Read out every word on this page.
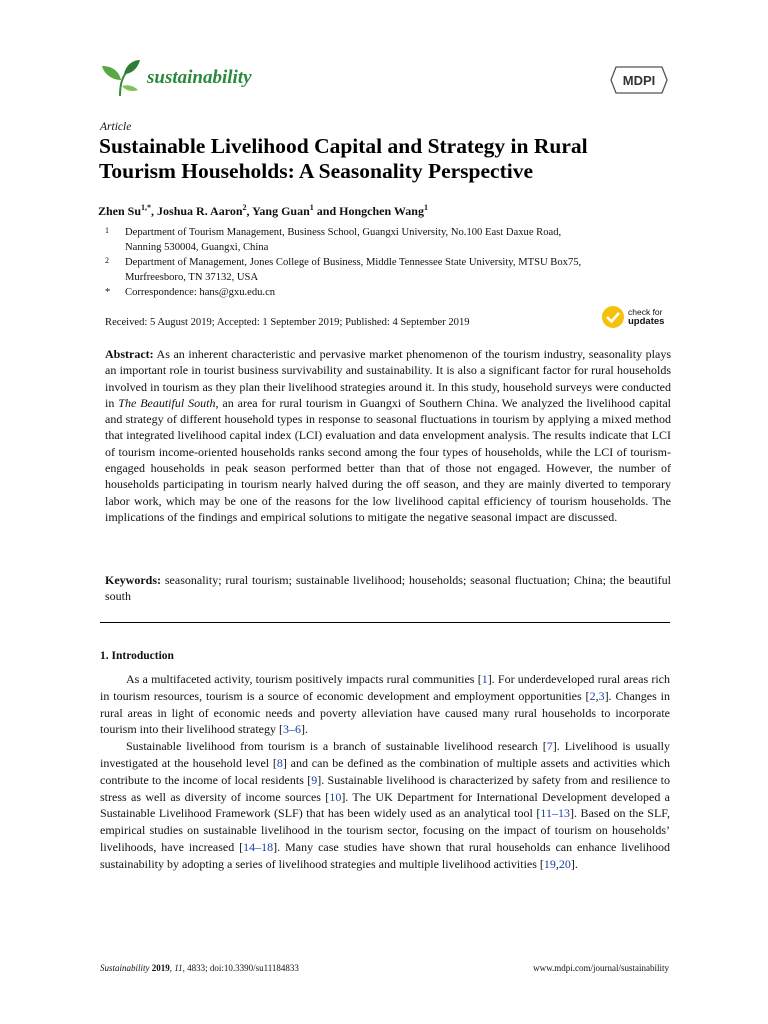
sustainability	MDPI
Article
Sustainable Livelihood Capital and Strategy in Rural
Tourism Households: A Seasonality Perspective
Zhen $Su^{1,*}$, Joshua R. Aaron$^2$, Yang Guan$^1$ and Hongchen Wang$^1$
1 Department of Tourism Management, Business School, Guangxi University, No.100 East Daxue Road,
Nanning 530004, Guangxi, China
2 Department of Management, Jones College of Business, Middle Tennessee State University, MTSU Box75,
Murfreesboro, TN 37132, USA
* Correspondence: hans@gxu.edu.cn
Received: 5 August 2019; Accepted: 1 September 2019; Published: 4 September 2019
check for
updates
Abstract: As an inherent characteristic and pervasive market phenomenon of the tourism industry, seasonality plays an important role in tourist business survivability and sustainability. It is also a significant factor for rural households involved in tourism as they plan their livelihood strategies around it. In this study, household surveys were conducted in The Beautiful South, an area for rural tourism in Guangxi of Southern China. We analyzed the livelihood capital and strategy of different household types in response to seasonal fluctuations in tourism by applying a mixed method that integrated livelihood capital index (LCI) evaluation and data envelopment analysis. The results indicate that LCI of tourism income-oriented households ranks second among the four types of households, while the LCI of tourism-engaged households in peak season performed better than that of those not engaged. However, the number of households participating in tourism nearly halved during the off season, and they are mainly diverted to temporary labor work, which may be one of the reasons for the low livelihood capital efficiency of tourism households. The implications of the findings and empirical solutions to mitigate the negative seasonal impact are discussed.
Keywords: seasonality; rural tourism; sustainable livelihood; households; seasonal fluctuation; China; the beautiful south
1. Introduction

As a multifaceted activity, tourism positively impacts rural communities [1]. For underdeveloped rural areas rich in tourism resources, tourism is a source of economic development and employment opportunities [2,3]. Changes in rural areas in light of economic needs and poverty alleviation have caused many rural households to incorporate tourism into their livelihood strategy [3–6].

Sustainable livelihood from tourism is a branch of sustainable livelihood research [7]. Livelihood is usually investigated at the household level [8] and can be defined as the combination of multiple assets and activities which contribute to the income of local residents [9]. Sustainable livelihood is characterized by safety from and resilience to stress as well as diversity of income sources [10]. The UK Department for International Development developed a Sustainable Livelihood Framework (SLF) that has been widely used as an analytical tool [11–13]. Based on the SLF, empirical studies on sustainable livelihood in the tourism sector, focusing on the impact of tourism on households’ livelihoods, have increased [14–18]. Many case studies have shown that rural households can enhance livelihood sustainability by adopting a series of livelihood strategies and multiple livelihood activities [19,20].

Sustainability 2019, 11, 4833; doi:10.3390/su11184833	www.mdpi.com/journal/sustainability
